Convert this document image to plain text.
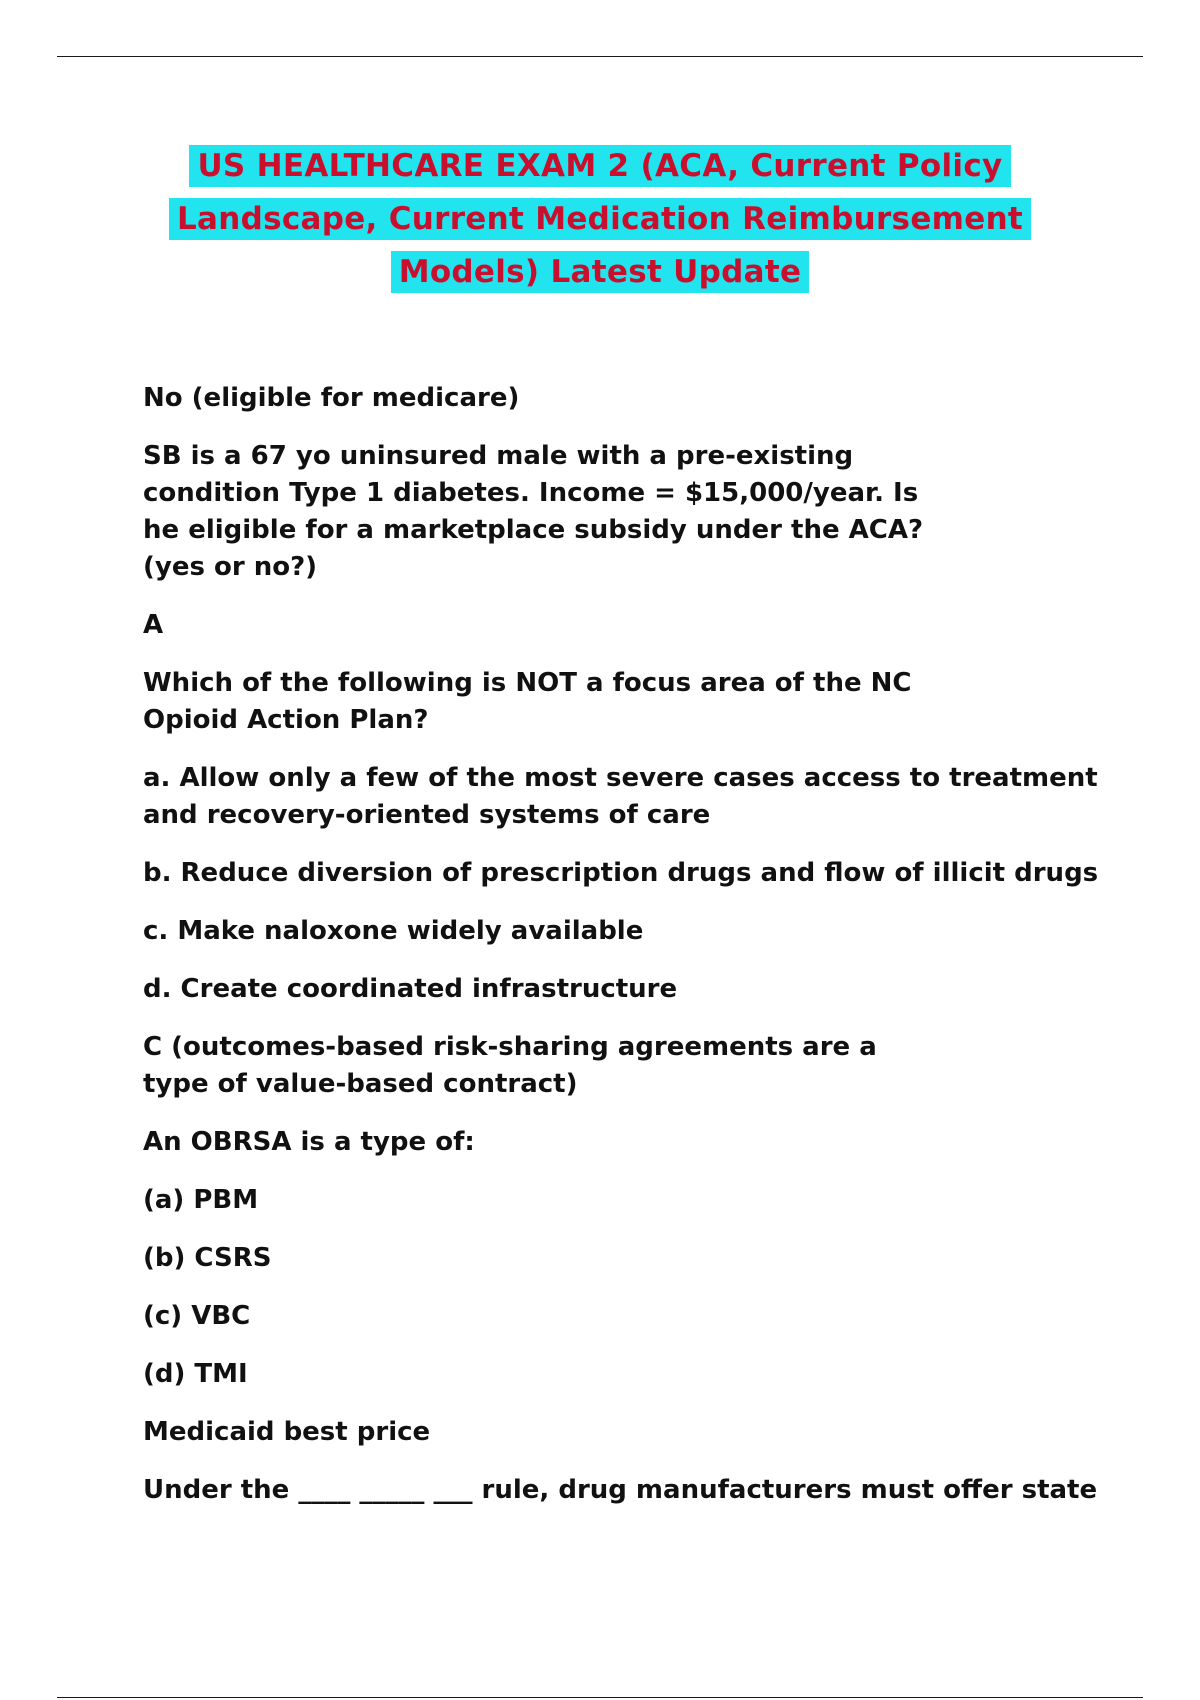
US HEALTHCARE EXAM 2 (ACA, Current Policy
Landscape, Current Medication Reimbursement
Models) Latest Update

No (eligible for medicare)

SB is a 67 yo uninsured male with a pre-existing condition Type 1 diabetes. Income = $15,000/year. Is he eligible for a marketplace subsidy under the ACA? (yes or no?)

A

Which of the following is NOT a focus area of the NC Opioid Action Plan?

a. Allow only a few of the most severe cases access to treatment and recovery-oriented systems of care

b. Reduce diversion of prescription drugs and flow of illicit drugs

c. Make naloxone widely available

d. Create coordinated infrastructure

C (outcomes-based risk-sharing agreements are a type of value-based contract)

An OBRSA is a type of:

(a) PBM

(b) CSRS

(c) VBC

(d) TMI

Medicaid best price

Under the ____ _____ ___ rule, drug manufacturers must offer state
